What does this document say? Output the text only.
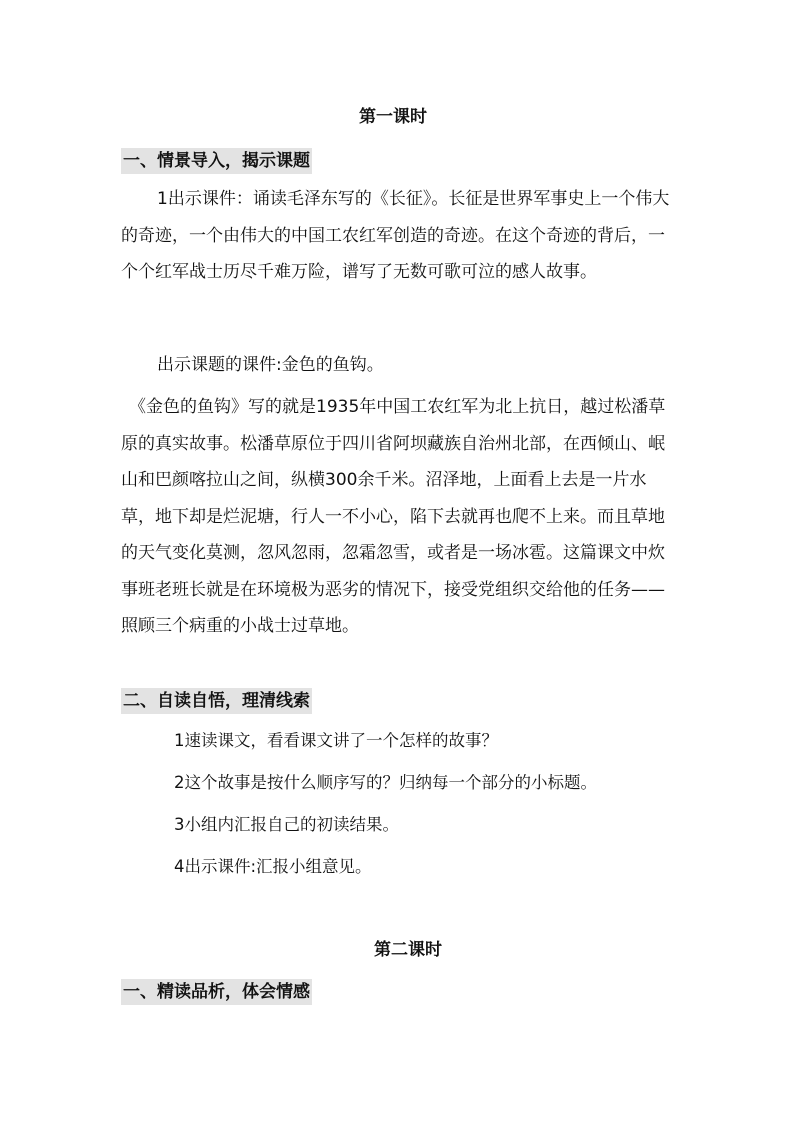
第一课时
一、情景导入，揭示课题

1出示课件：诵读毛泽东写的《长征》。长征是世界军事史上一个伟大的奇迹，一个由伟大的中国工农红军创造的奇迹。在这个奇迹的背后，一个个红军战士历尽千难万险，谱写了无数可歌可泣的感人故事。

出示课题的课件:金色的鱼钩。

《金色的鱼钩》写的就是1935年中国工农红军为北上抗日，越过松潘草原的真实故事。松潘草原位于四川省阿坝藏族自治州北部，在西倾山、岷山和巴颜喀拉山之间，纵横300余千米。沼泽地，上面看上去是一片水草，地下却是烂泥塘，行人一不小心，陷下去就再也爬不上来。而且草地的天气变化莫测，忽风忽雨，忽霜忽雪，或者是一场冰雹。这篇课文中炊事班老班长就是在环境极为恶劣的情况下，接受党组织交给他的任务——照顾三个病重的小战士过草地。

二、自读自悟，理清线索
1速读课文，看看课文讲了一个怎样的故事？
2这个故事是按什么顺序写的？归纳每一个部分的小标题。
3小组内汇报自己的初读结果。
4出示课件:汇报小组意见。
第二课时
一、精读品析，体会情感
